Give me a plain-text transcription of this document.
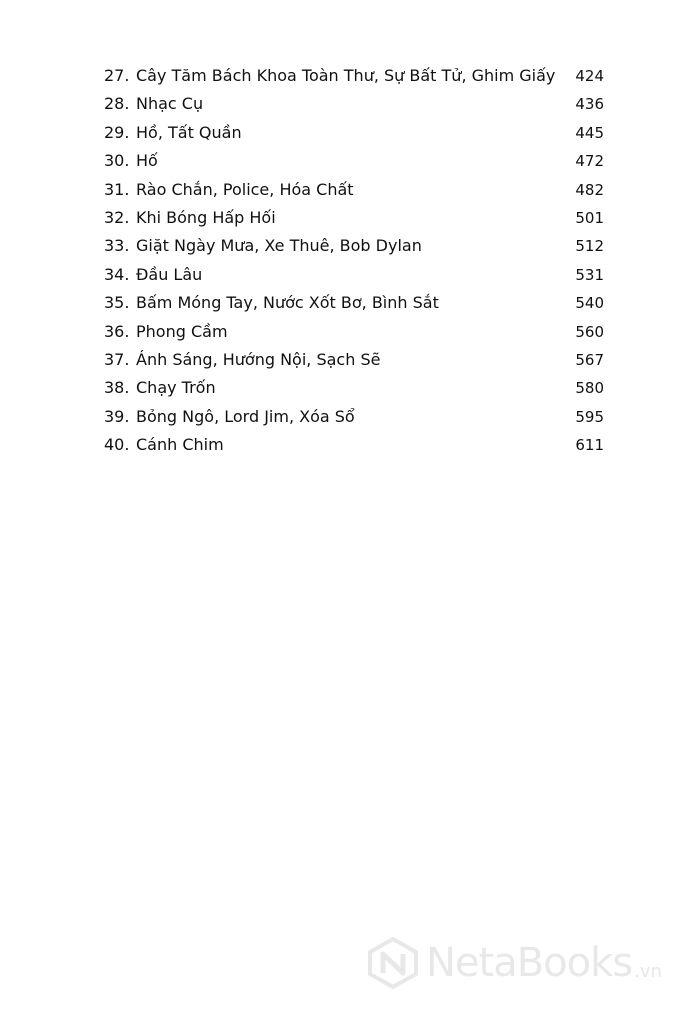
27. Cây Tăm Bách Khoa Toàn Thư, Sự Bất Tử, Ghim Giấy 424
28. Nhạc Cụ	436
29. Hồ, Tất Quần	445
30. Hố	472
31. Rào Chắn, Police, Hóa Chất	482
32. Khi Bóng Hấp Hối	501
33. Giặt Ngày Mưa, Xe Thuê, Bob Dylan	512
34. Đầu Lâu	531
35. Bấm Móng Tay, Nước Xốt Bơ, Bình Sắt	540
36. Phong Cầm	560
37. Ánh Sáng, Hướng Nội, Sạch Sẽ	567
38. Chạy Trốn	580
39. Bỏng Ngô, Lord Jim, Xóa Sổ	595
40. Cánh Chim	611
NetaBooks .vn
